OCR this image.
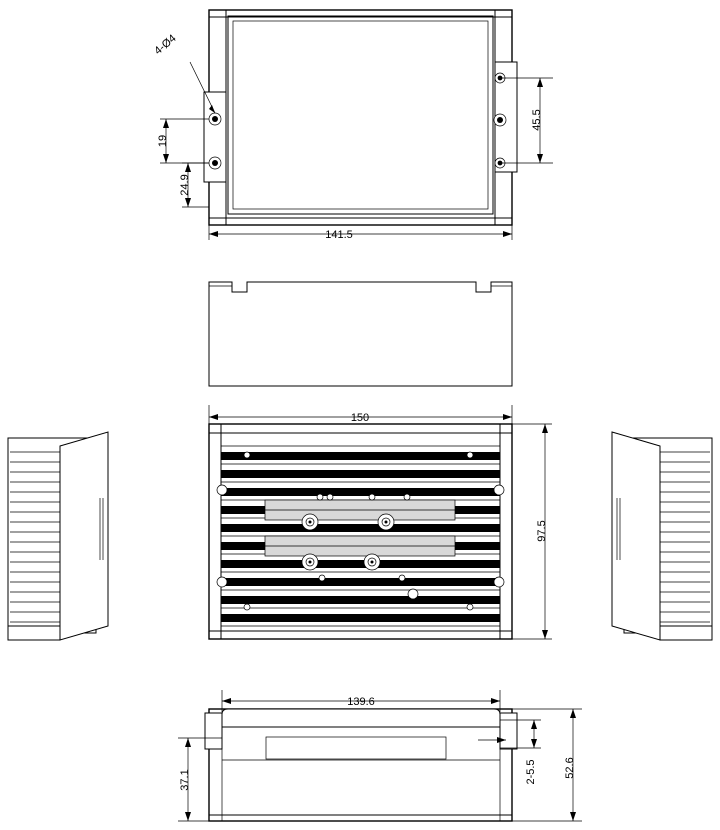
4-Ø4
141.5
19
24.9
45.5
150
97.5
139.6
37.1	2-5.5 52.6
